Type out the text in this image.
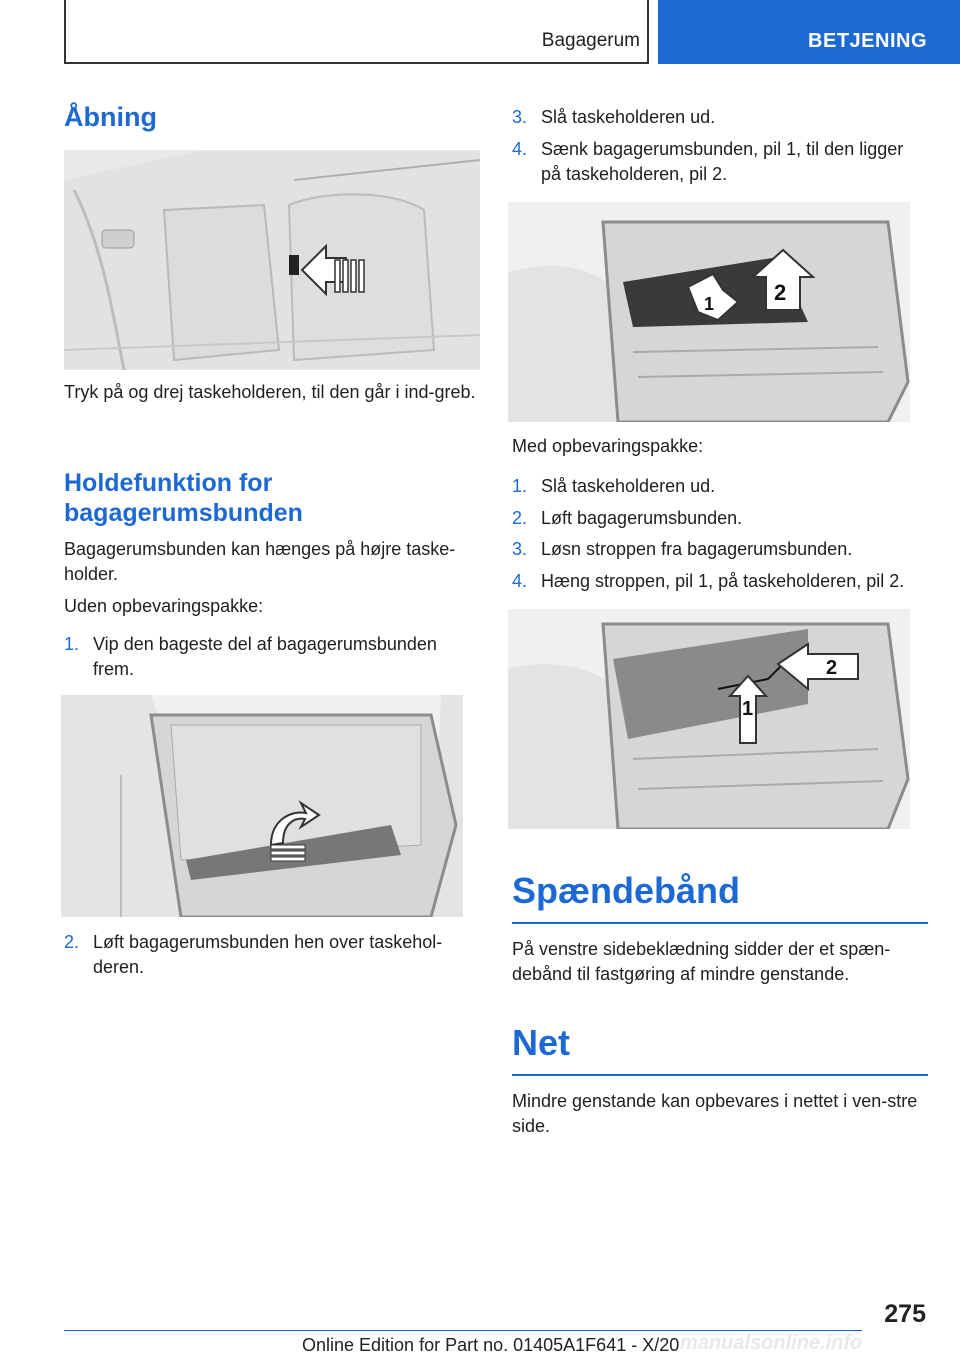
Bagagerum	BETJENING
Åbning

Tryk på og drej taskeholderen, til den går i ind-greb.

Holdefunktion for bagagerumsbunden

Bagagerumsbunden kan hænges på højre taske-holder.

Uden opbevaringspakke:

1. Vip den bageste del af bagagerumsbunden frem.
2. Løft bagagerumsbunden hen over taskehol-deren.
3. Slå taskeholderen ud.
4. Sænk bagagerumsbunden, pil 1, til den ligger på taskeholderen, pil 2.
1	2

Med opbevaringspakke:

1. Slå taskeholderen ud.
2. Løft bagagerumsbunden.
3. Løsn stroppen fra bagagerumsbunden.
4. Hæng stroppen, pil 1, på taskeholderen, pil 2.
1
2
Spændebånd

På venstre sidebeklædning sidder der et spæn-debånd til fastgøring af mindre genstande.

Net

Mindre genstande kan opbevares i nettet i ven-stre side.

275
manualsonline.info
Online Edition for Part no. 01405A1F641 - X/20
